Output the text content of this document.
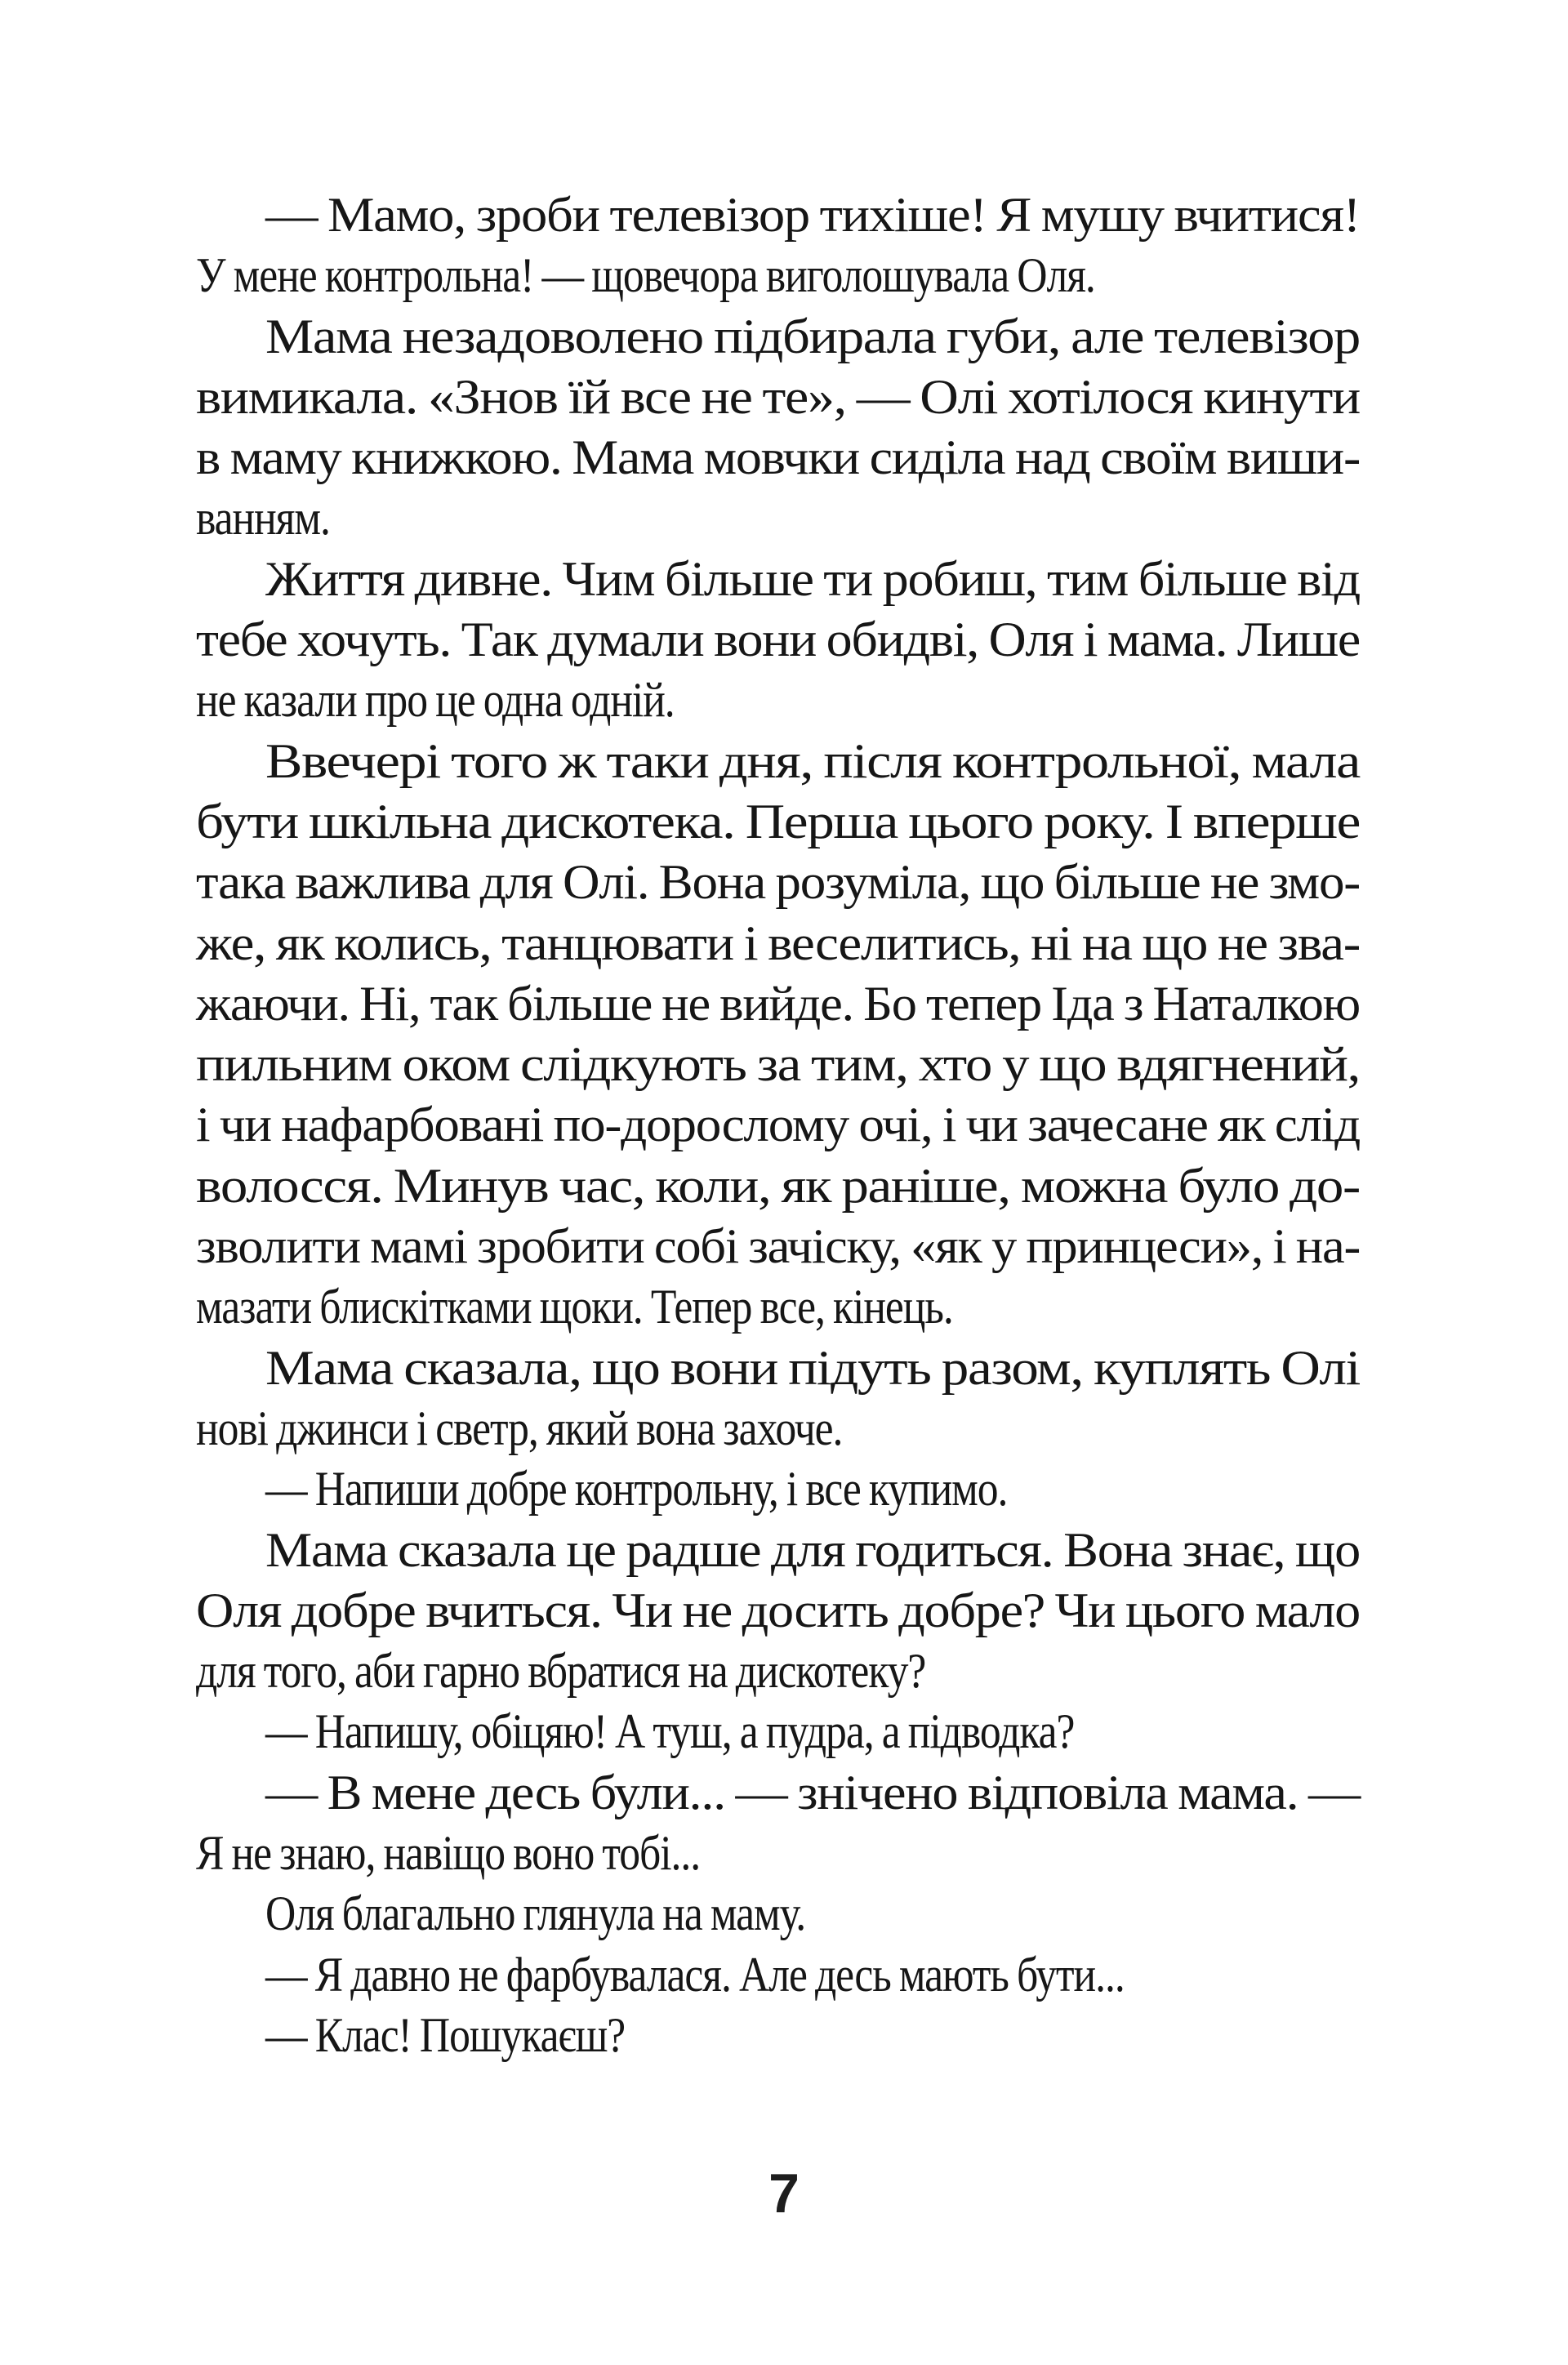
— Мамо, зроби телевізор тихіше! Я мушу вчитися!
У мене контрольна! — щовечора виголошувала Оля.
Мама незадоволено підбирала губи, але телевізор
вимикала. «Знов їй все не те», — Олі хотілося кинути
в маму книжкою. Мама мовчки сиділа над своїм виши-
ванням.
Життя дивне. Чим більше ти робиш, тим більше від
тебе хочуть. Так думали вони обидві, Оля і мама. Лише
не казали про це одна одній.
Ввечері того ж таки дня, після контрольної, мала
бути шкільна дискотека. Перша цього року. І вперше
така важлива для Олі. Вона розуміла, що більше не змо-
же, як колись, танцювати і веселитись, ні на що не зва-
жаючи. Ні, так більше не вийде. Бо тепер Іда з Наталкою
пильним оком слідкують за тим, хто у що вдягнений,
і чи нафарбовані по-дорослому очі, і чи зачесане як слід
волосся. Минув час, коли, як раніше, можна було до-
зволити мамі зробити собі зачіску, «як у принцеси», і на-
мазати блискітками щоки. Тепер все, кінець.
Мама сказала, що вони підуть разом, куплять Олі
нові джинси і светр, який вона захоче.
— Напиши добре контрольну, і все купимо.
Мама сказала це радше для годиться. Вона знає, що
Оля добре вчиться. Чи не досить добре? Чи цього мало
для того, аби гарно вбратися на дискотеку?
— Напишу, обіцяю! А туш, а пудра, а підводка?
— В мене десь були... — знічено відповіла мама. —
Я не знаю, навіщо воно тобі...
Оля благально глянула на маму.
— Я давно не фарбувалася. Але десь мають бути...
— Клас! Пошукаєш?
7
